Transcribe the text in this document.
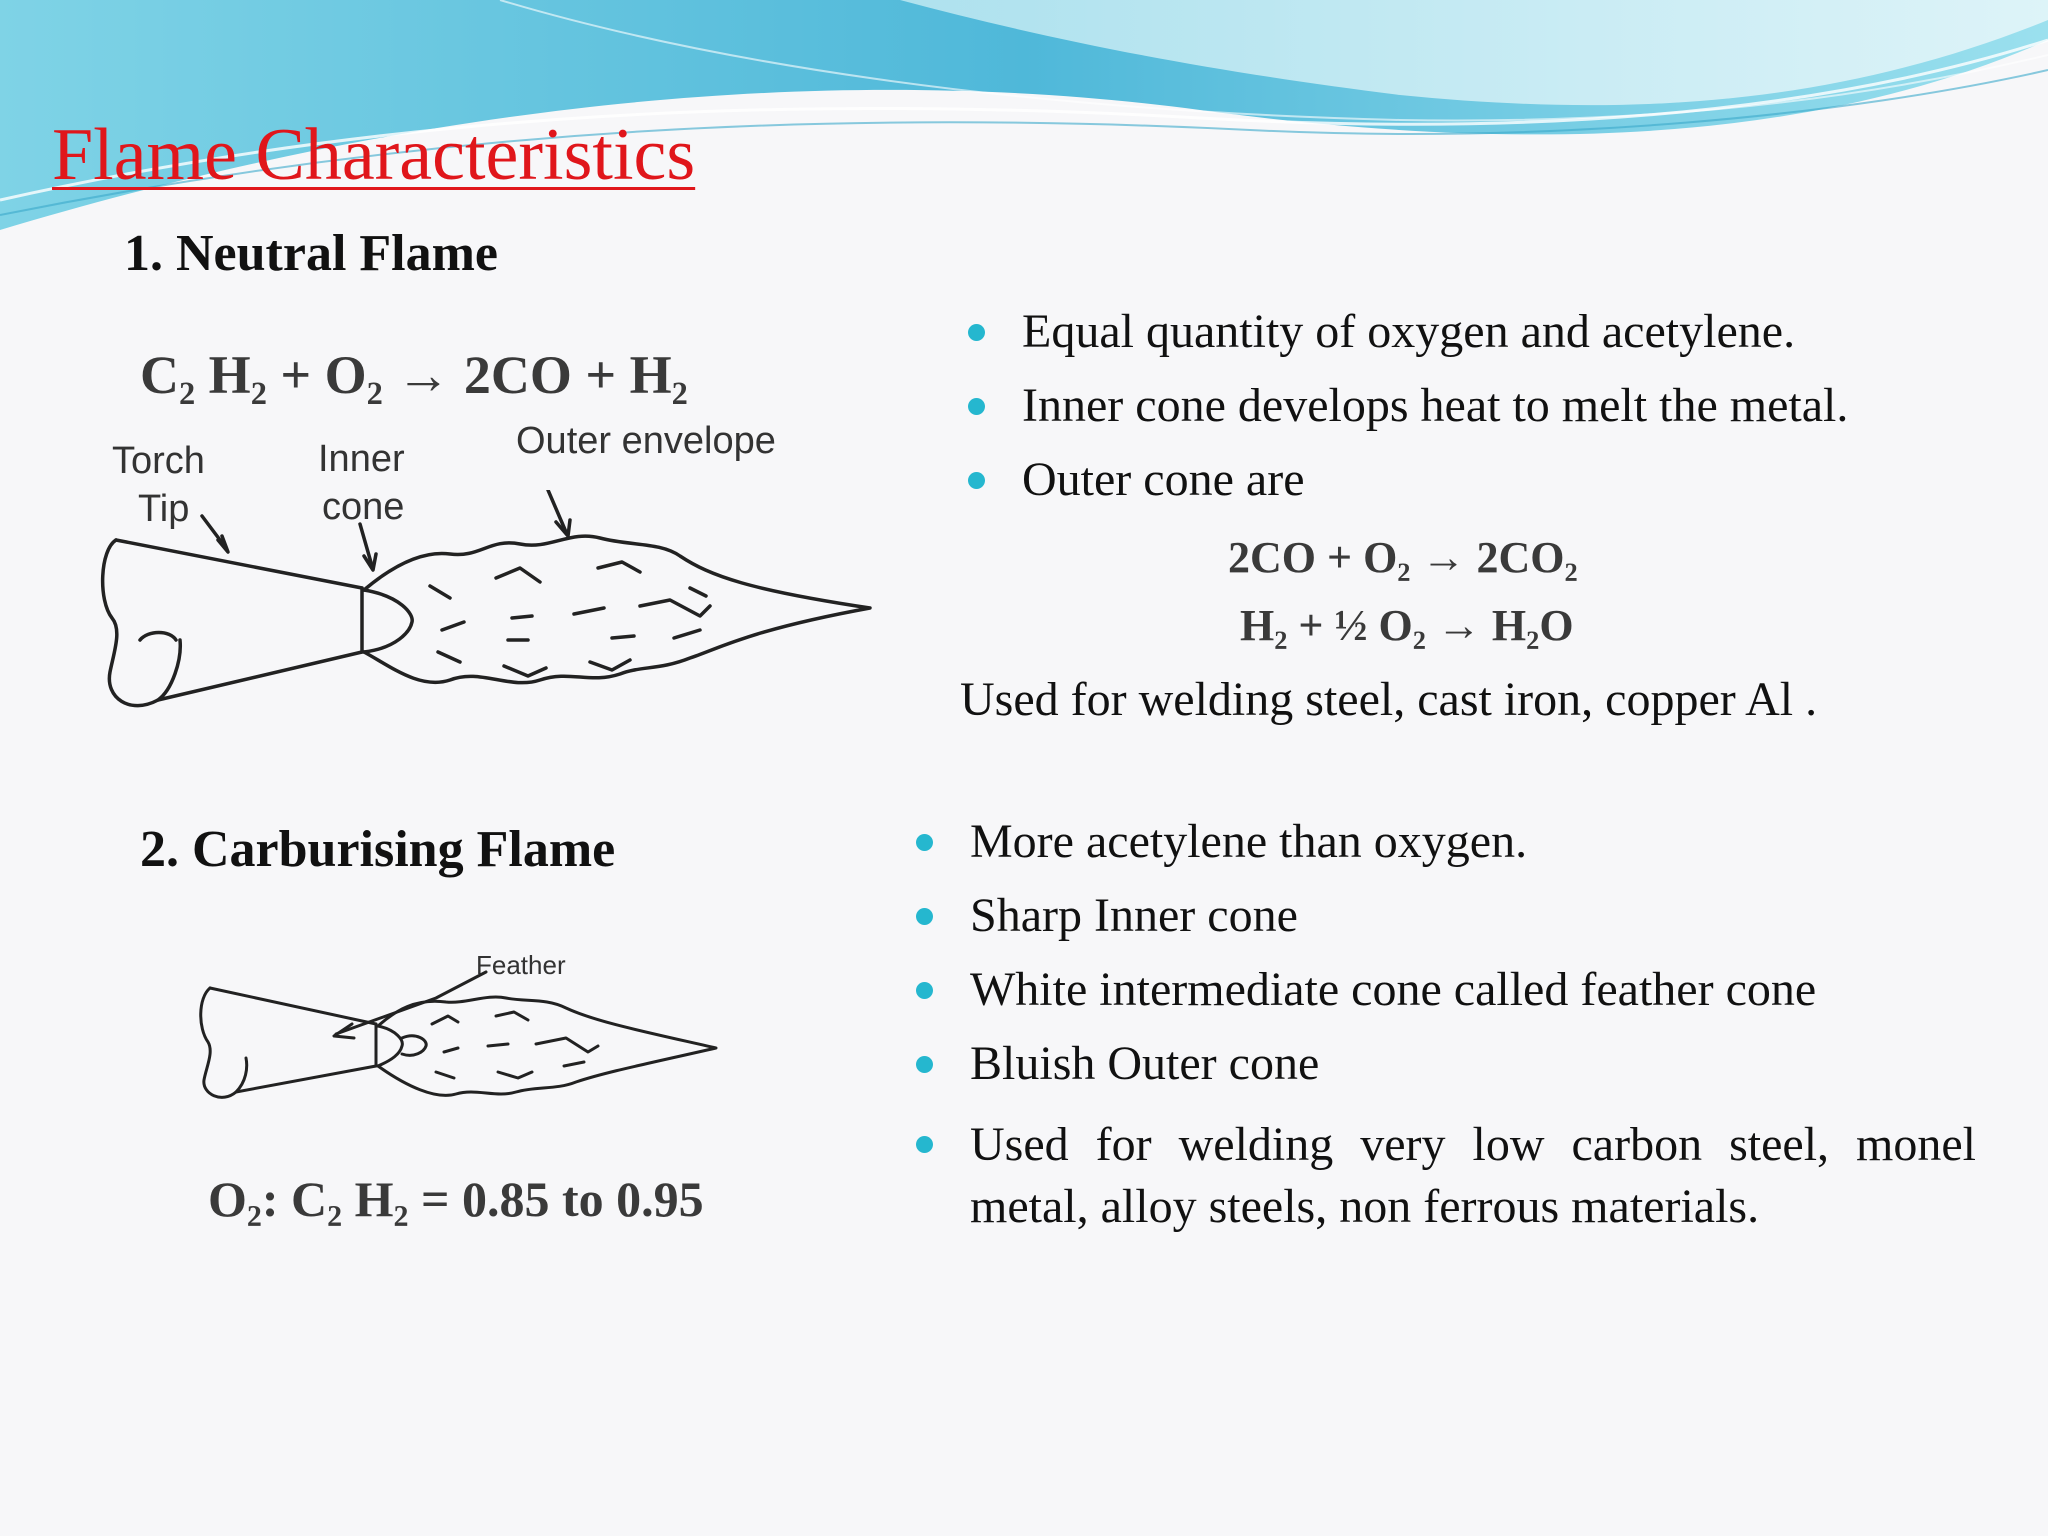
Flame Characteristics
1. Neutral Flame
C₂ H₂ + O₂ → 2CO + H₂
Torch
Tip
Inner
cone
Outer envelope
Equal quantity of oxygen and acetylene.
Inner cone develops heat to melt the metal.
Outer cone are
2CO + O₂ → 2CO₂
H₂ + ½ O₂ → H₂O
Used for welding steel, cast iron, copper Al .
2. Carburising Flame
Feather
O₂: C₂ H₂ = 0.85 to 0.95
More acetylene than oxygen.
Sharp Inner cone
White intermediate cone called feather cone
Bluish Outer cone
Used for welding very low carbon steel, monel metal, alloy steels, non ferrous materials.
